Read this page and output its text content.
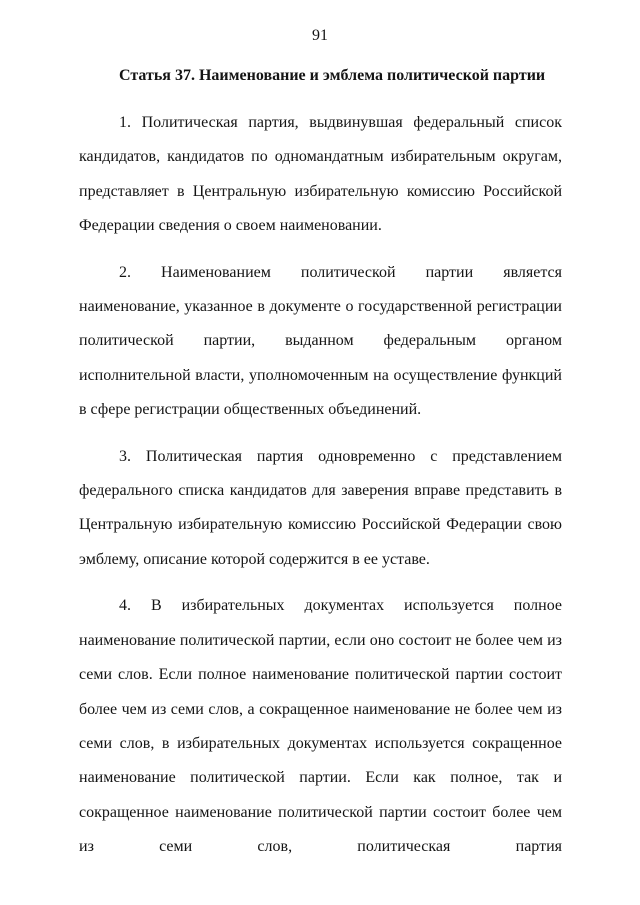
91
Статья 37. Наименование и эмблема политической партии

1. Политическая партия, выдвинувшая федеральный список кандидатов, кандидатов по одномандатным избирательным округам, представляет в Центральную избирательную комиссию Российской Федерации сведения о своем наименовании.

2. Наименованием политической партии является наименование, указанное в документе о государственной регистрации политической партии, выданном федеральным органом исполнительной власти, уполномоченным на осуществление функций в сфере регистрации общественных объединений.

3. Политическая партия одновременно с представлением федерального списка кандидатов для заверения вправе представить в Центральную избирательную комиссию Российской Федерации свою эмблему, описание которой содержится в ее уставе.

4. В избирательных документах используется полное наименование политической партии, если оно состоит не более чем из семи слов. Если полное наименование политической партии состоит более чем из семи слов, а сокращенное наименование не более чем из семи слов, в избирательных документах используется сокращенное наименование политической партии. Если как полное, так и сокращенное наименование политической партии состоит более чем из семи слов, политическая партия
